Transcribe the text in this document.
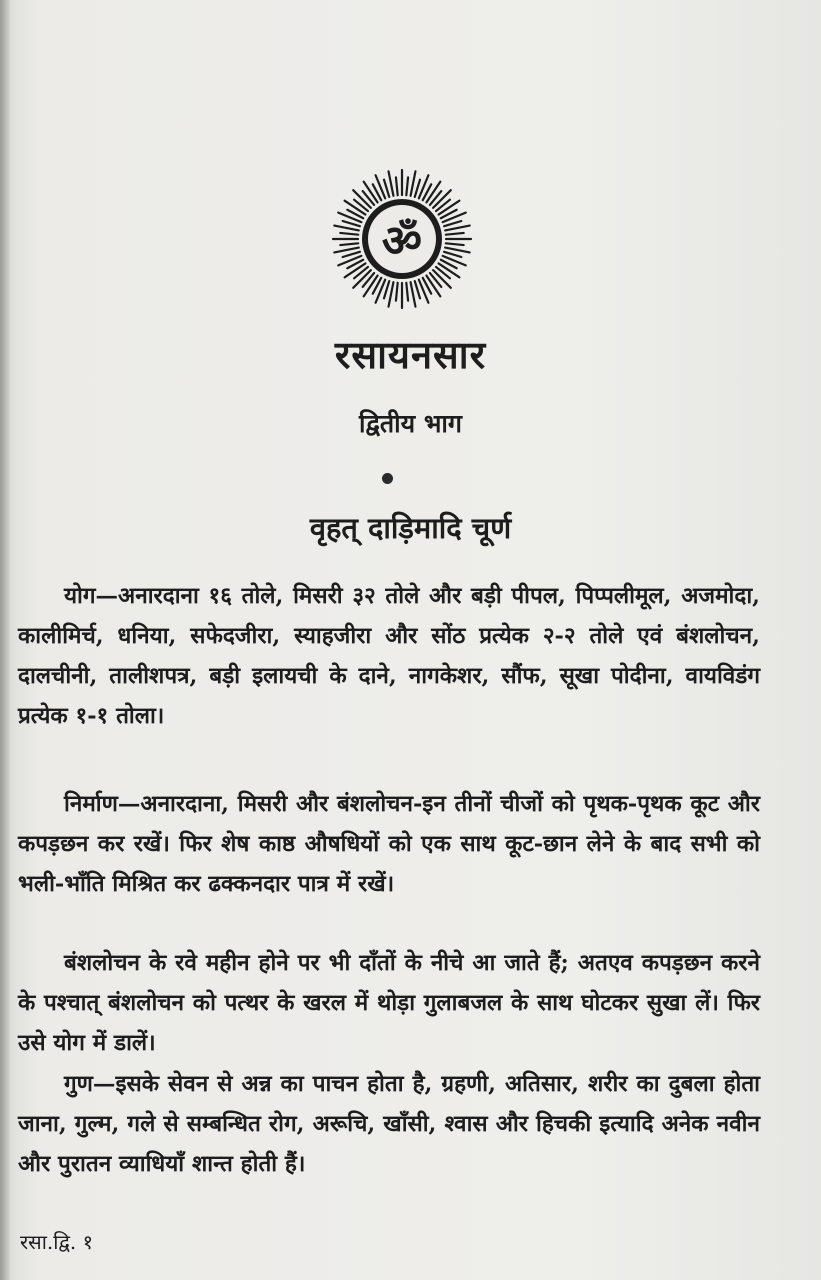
ॐ
रसायनसार
द्वितीय भाग
वृहत् दाड़िमादि चूर्ण

योग—अनारदाना १६ तोले, मिसरी ३२ तोले और बड़ी पीपल, पिप्पलीमूल, अजमोदा, कालीमिर्च, धनिया, सफेदजीरा, स्याहजीरा और सोंठ प्रत्येक २-२ तोले एवं बंशलोचन, दालचीनी, तालीशपत्र, बड़ी इलायची के दाने, नागकेशर, सौंफ, सूखा पोदीना, वायविडंग प्रत्येक १-१ तोला।

निर्माण—अनारदाना, मिसरी और बंशलोचन-इन तीनों चीजों को पृथक-पृथक कूट और कपड़छन कर रखें। फिर शेष काष्ठ औषधियों को एक साथ कूट-छान लेने के बाद सभी को भली-भाँति मिश्रित कर ढक्कनदार पात्र में रखें।

बंशलोचन के रवे महीन होने पर भी दाँतों के नीचे आ जाते हैं; अतएव कपड़छन करने के पश्चात् बंशलोचन को पत्थर के खरल में थोड़ा गुलाबजल के साथ घोटकर सुखा लें। फिर उसे योग में डालें।

गुण—इसके सेवन से अन्न का पाचन होता है, ग्रहणी, अतिसार, शरीर का दुबला होता जाना, गुल्म, गले से सम्बन्धित रोग, अरूचि, खाँसी, श्वास और हिचकी इत्यादि अनेक नवीन और पुरातन व्याधियाँ शान्त होती हैं।

रसा.द्वि. १
